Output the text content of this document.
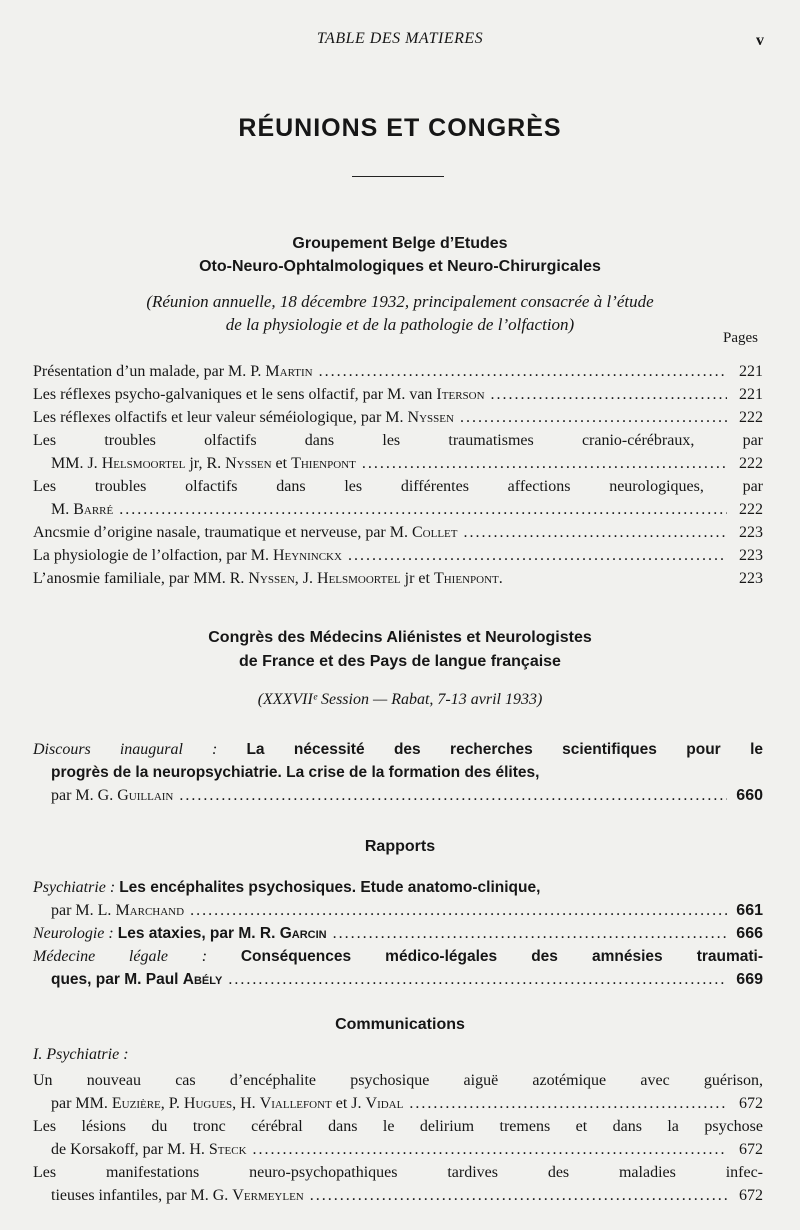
TABLE DES MATIERES	v
RÉUNIONS ET CONGRÈS
Groupement Belge d’Etudes
Oto-Neuro-Ophtalmologiques et Neuro-Chirurgicales
(Réunion annuelle, 18 décembre 1932, principalement consacrée à l’étude
de la physiologie et de la pathologie de l’olfaction)
Pages
Présentation d’un malade, par M. P. Martin . . .	221
Les réflexes psycho-galvaniques et le sens olfactif, par M. van Iterson . . .	221
Les réflexes olfactifs et leur valeur séméiologique, par M. Nyssen . . .	222
Les troubles olfactifs dans les traumatismes cranio-cérébraux, par
MM. J. Helsmoortel jr, R. Nyssen et Thienpont . . .	222
Les troubles olfactifs dans les différentes affections neurologiques, par
M. Barré . . .	222
Ancsmie d’origine nasale, traumatique et nerveuse, par M. Collet . . .	223
La physiologie de l’olfaction, par M. Heyninckx . . .	223
L’anosmie familiale, par MM. R. Nyssen, J. Helsmoortel jr et Thienpont.	223
Congrès des Médecins Aliénistes et Neurologistes
de France et des Pays de langue française
(XXXVIIᵉ Session — Rabat, 7-13 avril 1933)
Discours inaugural : La nécessité des recherches scientifiques pour le
progrès de la neuropsychiatrie. La crise de la formation des élites,
par M. G. Guillain . . .	660
Rapports
Psychiatrie : Les encéphalites psychosiques. Etude anatomo-clinique,
par M. L. Marchand . . .	661
Neurologie : Les ataxies, par M. R. Garcin . . .	666
Médecine légale : Conséquences médico-légales des amnésies traumati-
ques, par M. Paul Abély . . .	669
Communications
I. Psychiatrie :
Un nouveau cas d’encéphalite psychosique aiguë azotémique avec guérison,
par MM. Euzière, P. Hugues, H. Viallefont et J. Vidal . . .	672
Les lésions du tronc cérébral dans le delirium tremens et dans la psychose
de Korsakoff, par M. H. Steck . . .	672
Les manifestations neuro-psychopathiques tardives des maladies infec-
tieuses infantiles, par M. G. Vermeylen . . .	672
